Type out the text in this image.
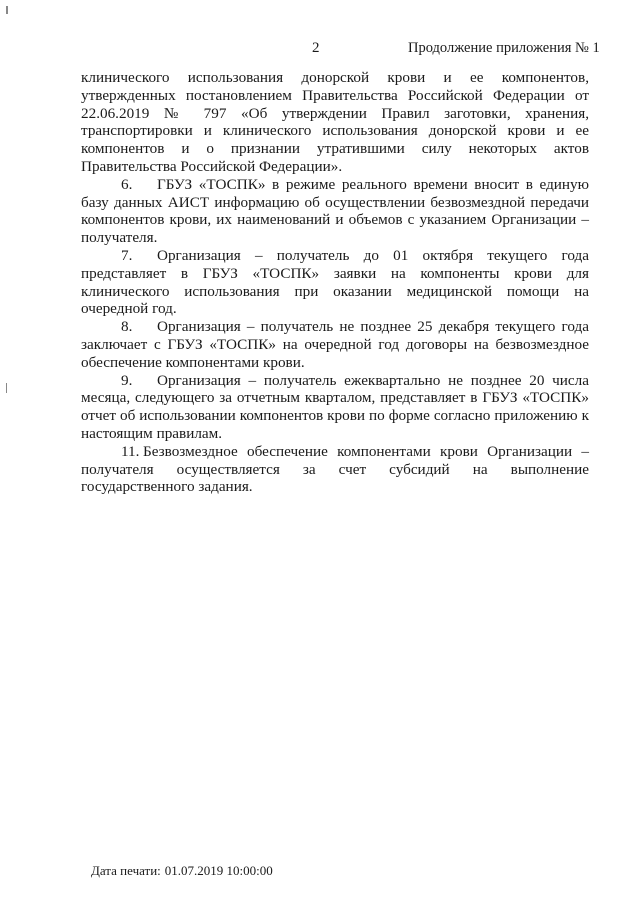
2	Продолжение приложения № 1

клинического использования донорской крови и ее компонентов, утвержденных постановлением Правительства Российской Федерации от 22.06.2019 № 797 «Об утверждении Правил заготовки, хранения, транспортировки и клинического использования донорской крови и ее компонентов и о признании утратившими силу некоторых актов Правительства Российской Федерации».

6. ГБУЗ «ТОСПК» в режиме реального времени вносит в единую базу данных АИСТ информацию об осуществлении безвозмездной передачи компонентов крови, их наименований и объемов с указанием Организации – получателя.

7. Организация – получатель до 01 октября текущего года представляет в ГБУЗ «ТОСПК» заявки на компоненты крови для клинического использования при оказании медицинской помощи на очередной год.

8. Организация – получатель не позднее 25 декабря текущего года заключает с ГБУЗ «ТОСПК» на очередной год договоры на безвозмездное обеспечение компонентами крови.

9. Организация – получатель ежеквартально не позднее 20 числа месяца, следующего за отчетным кварталом, представляет в ГБУЗ «ТОСПК» отчет об использовании компонентов крови по форме согласно приложению к настоящим правилам.

11. Безвозмездное обеспечение компонентами крови Организации – получателя осуществляется за счет субсидий на выполнение государственного задания.

Дата печати: 01.07.2019 10:00:00
